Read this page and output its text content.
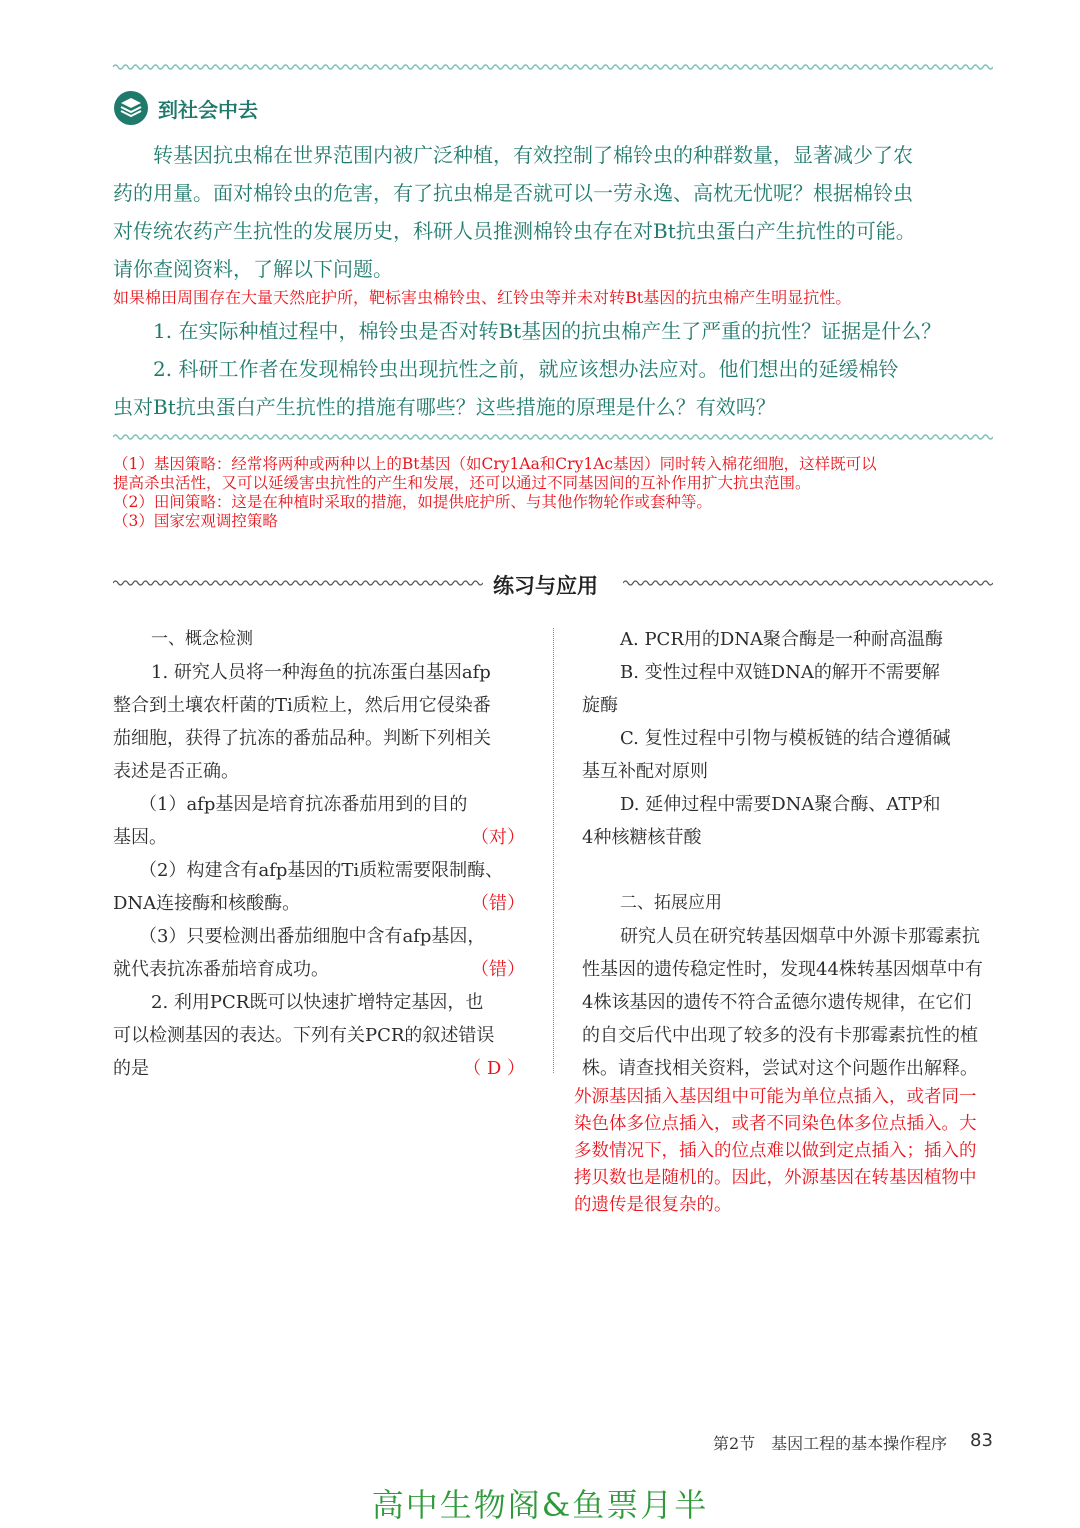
到社会中去
转基因抗虫棉在世界范围内被广泛种植，有效控制了棉铃虫的种群数量，显著减少了农
药的用量。面对棉铃虫的危害，有了抗虫棉是否就可以一劳永逸、高枕无忧呢？根据棉铃虫
对传统农药产生抗性的发展历史，科研人员推测棉铃虫存在对Bt抗虫蛋白产生抗性的可能。
请你查阅资料，了解以下问题。
如果棉田周围存在大量天然庇护所，靶标害虫棉铃虫、红铃虫等并未对转Bt基因的抗虫棉产生明显抗性。
1. 在实际种植过程中，棉铃虫是否对转Bt基因的抗虫棉产生了严重的抗性？证据是什么？
2. 科研工作者在发现棉铃虫出现抗性之前，就应该想办法应对。他们想出的延缓棉铃
虫对Bt抗虫蛋白产生抗性的措施有哪些？这些措施的原理是什么？有效吗？
（1）基因策略：经常将两种或两种以上的Bt基因（如Cry1Aa和Cry1Ac基因）同时转入棉花细胞，这样既可以
提高杀虫活性，又可以延缓害虫抗性的产生和发展，还可以通过不同基因间的互补作用扩大抗虫范围。
（2）田间策略：这是在种植时采取的措施，如提供庇护所、与其他作物轮作或套种等。
（3）国家宏观调控策略
练习与应用
一、概念检测
1. 研究人员将一种海鱼的抗冻蛋白基因afp
整合到土壤农杆菌的Ti质粒上，然后用它侵染番
茄细胞，获得了抗冻的番茄品种。判断下列相关
表述是否正确。
（1）afp基因是培育抗冻番茄用到的目的
基因。	（对）
（2）构建含有afp基因的Ti质粒需要限制酶、
DNA连接酶和核酸酶。	（错）
（3）只要检测出番茄细胞中含有afp基因，
就代表抗冻番茄培育成功。	（错）
2. 利用PCR既可以快速扩增特定基因，也
可以检测基因的表达。下列有关PCR的叙述错误
的是	（ D ）
A. PCR用的DNA聚合酶是一种耐高温酶
B. 变性过程中双链DNA的解开不需要解
旋酶
C. 复性过程中引物与模板链的结合遵循碱
基互补配对原则
D. 延伸过程中需要DNA聚合酶、ATP和
4种核糖核苷酸
二、拓展应用
研究人员在研究转基因烟草中外源卡那霉素抗
性基因的遗传稳定性时，发现44株转基因烟草中有
4株该基因的遗传不符合孟德尔遗传规律，在它们
的自交后代中出现了较多的没有卡那霉素抗性的植
株。请查找相关资料，尝试对这个问题作出解释。
外源基因插入基因组中可能为单位点插入，或者同一
染色体多位点插入，或者不同染色体多位点插入。大
多数情况下，插入的位点难以做到定点插入；插入的
拷贝数也是随机的。因此，外源基因在转基因植物中
的遗传是很复杂的。
第2节　基因工程的基本操作程序 83
高中生物阁&鱼票月半
